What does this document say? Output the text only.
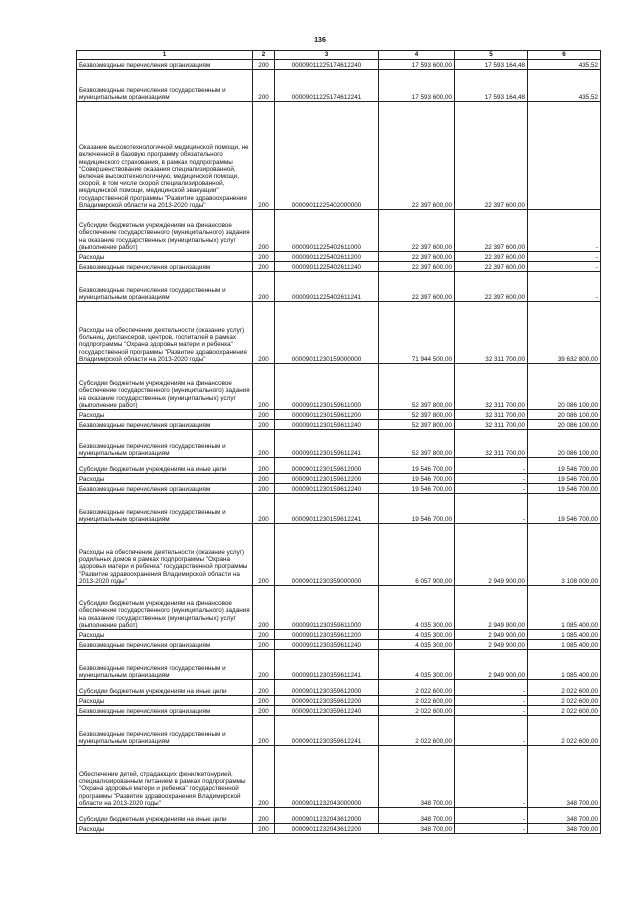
136
1	2	3	4	5	6
Безвозмездные перечисления организациям	200	00009011225174612240	17 593 600,00	17 593 164,48	435,52
Безвозмездные перечисления государственным и муниципальным организациям	200	00009011225174612241	17 593 600,00	17 593 164,48	435,52
Оказание высокотехнологичной медицинской помощи, не включенной в базовую программу обязательного медицинского страхования, в рамках подпрограммы "Совершенствование оказания специализированной, включая высокотехнологичную, медицинской помощи, скорой, в том числе скорой специализированной, медицинской помощи, медицинской эвакуации" государственной программы "Развитие здравоохранения Владимирской области на 2013-2020 годы"	200	00009011225402000000	22 397 600,00	22 397 600,00	
Субсидии бюджетным учреждениям на финансовое обеспечение государственного (муниципального) задания на оказание государственных (муниципальных) услуг (выполнение работ)	200	00009011225402611000	22 397 600,00	22 397 600,00	-
Расходы	200	00009011225402611200	22 397 600,00	22 397 600,00	-
Безвозмездные перечисления организациям	200	00009011225402611240	22 397 600,00	22 397 600,00	-
Безвозмездные перечисления государственным и муниципальным организациям	200	00009011225402611241	22 397 600,00	22 397 600,00	-
Расходы на обеспечение деятельности (оказание услуг) больниц, диспансеров, центров, госпиталей в рамках подпрограммы "Охрана здоровья матери и ребенка" государственной программы "Развитие здравоохранения Владимирской области на 2013-2020 годы"	200	00009011230159000000	71 944 500,00	32 311 700,00	39 632 800,00
Субсидии бюджетным учреждениям на финансовое обеспечение государственного (муниципального) задания на оказание государственных (муниципальных) услуг (выполнение работ)	200	00009011230159611000	52 397 800,00	32 311 700,00	20 086 100,00
Расходы	200	00009011230159611200	52 397 800,00	32 311 700,00	20 086 100,00
Безвозмездные перечисления организациям	200	00009011230159611240	52 397 800,00	32 311 700,00	20 086 100,00
Безвозмездные перечисления государственным и муниципальным организациям	200	00009011230159611241	52 397 800,00	32 311 700,00	20 086 100,00
Субсидии бюджетным учреждениям на иные цели	200	00009011230159612000	19 546 700,00	-	19 546 700,00
Расходы	200	00009011230159612200	19 546 700,00	-	19 546 700,00
Безвозмездные перечисления организациям	200	00009011230159612240	19 546 700,00	-	19 546 700,00
Безвозмездные перечисления государственным и муниципальным организациям	200	00009011230159612241	19 546 700,00	-	19 546 700,00
Расходы на обеспечение деятельности (оказание услуг) родильных домов в рамках подпрограммы "Охрана здоровья матери и ребенка" государственной программы "Развитие здравоохранения Владимирской области на 2013-2020 годы"	200	00009011230359000000	6 057 900,00	2 949 900,00	3 108 000,00
Субсидии бюджетным учреждениям на финансовое обеспечение государственного (муниципального) задания на оказание государственных (муниципальных) услуг (выполнение работ)	200	00009011230359611000	4 035 300,00	2 949 900,00	1 085 400,00
Расходы	200	00009011230359611200	4 035 300,00	2 949 900,00	1 085 400,00
Безвозмездные перечисления организациям	200	00009011230359611240	4 035 300,00	2 949 900,00	1 085 400,00
Безвозмездные перечисления государственным и муниципальным организациям	200	00009011230359611241	4 035 300,00	2 949 900,00	1 085 400,00
Субсидии бюджетным учреждениям на иные цели	200	00009011230359612000	2 022 600,00	-	2 022 600,00
Расходы	200	00009011230359612200	2 022 600,00	-	2 022 600,00
Безвозмездные перечисления организациям	200	00009011230359612240	2 022 600,00	-	2 022 600,00
Безвозмездные перечисления государственным и муниципальным организациям	200	00009011230359612241	2 022 600,00	-	2 022 600,00
Обеспечение детей, страдающих фенилкетонурией, специализированным питанием в рамках подпрограммы "Охрана здоровья матери и ребенка" государственной программы "Развитие здравоохранения Владимирской области на 2013-2020 годы"	200	00009011232043000000	348 700,00	-	348 700,00
Субсидии бюджетным учреждениям на иные цели	200	00009011232043612000	348 700,00	-	348 700,00
Расходы	200	00009011232043612200	348 700,00	-	348 700,00
